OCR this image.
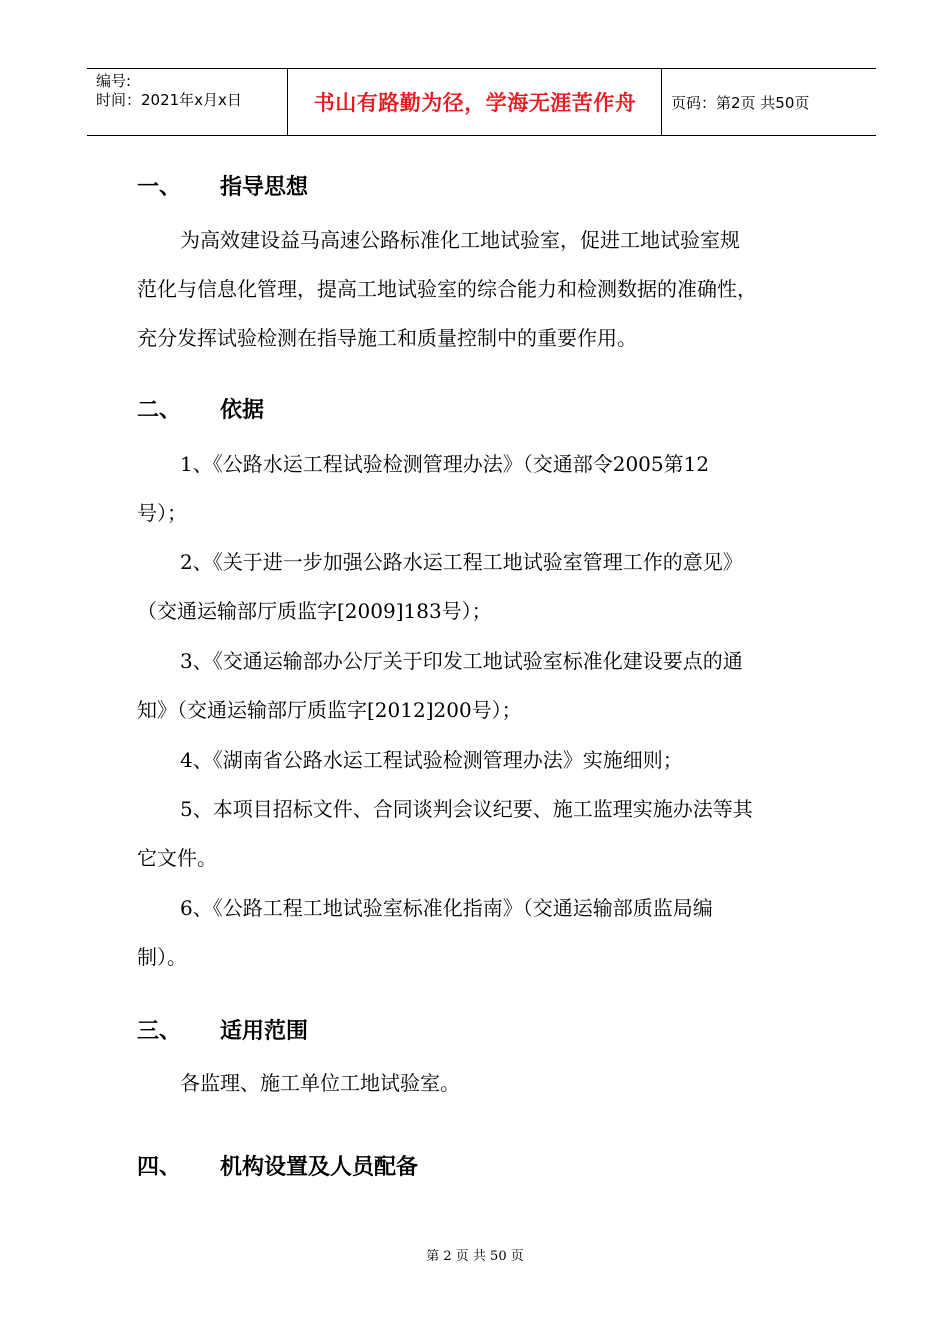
编号:
时间：2021年x月x日	书山有路勤为径，学海无涯苦作舟	页码：第2页 共50页
一、	指导思想
为高效建设益马高速公路标准化工地试验室，促进工地试验室规
范化与信息化管理，提高工地试验室的综合能力和检测数据的准确性，
充分发挥试验检测在指导施工和质量控制中的重要作用。
二、	依据
1、《公路水运工程试验检测管理办法》（交通部令2005第12
号）；
2、《关于进一步加强公路水运工程工地试验室管理工作的意见》
（交通运输部厅质监字[2009]183号）；
3、《交通运输部办公厅关于印发工地试验室标准化建设要点的通
知》（交通运输部厅质监字[2012]200号）；
4、《湖南省公路水运工程试验检测管理办法》实施细则；
5、本项目招标文件、合同谈判会议纪要、施工监理实施办法等其
它文件。
6、《公路工程工地试验室标准化指南》（交通运输部质监局编
制）。
三、	适用范围
各监理、施工单位工地试验室。
四、	机构设置及人员配备
第 2 页 共 50 页
